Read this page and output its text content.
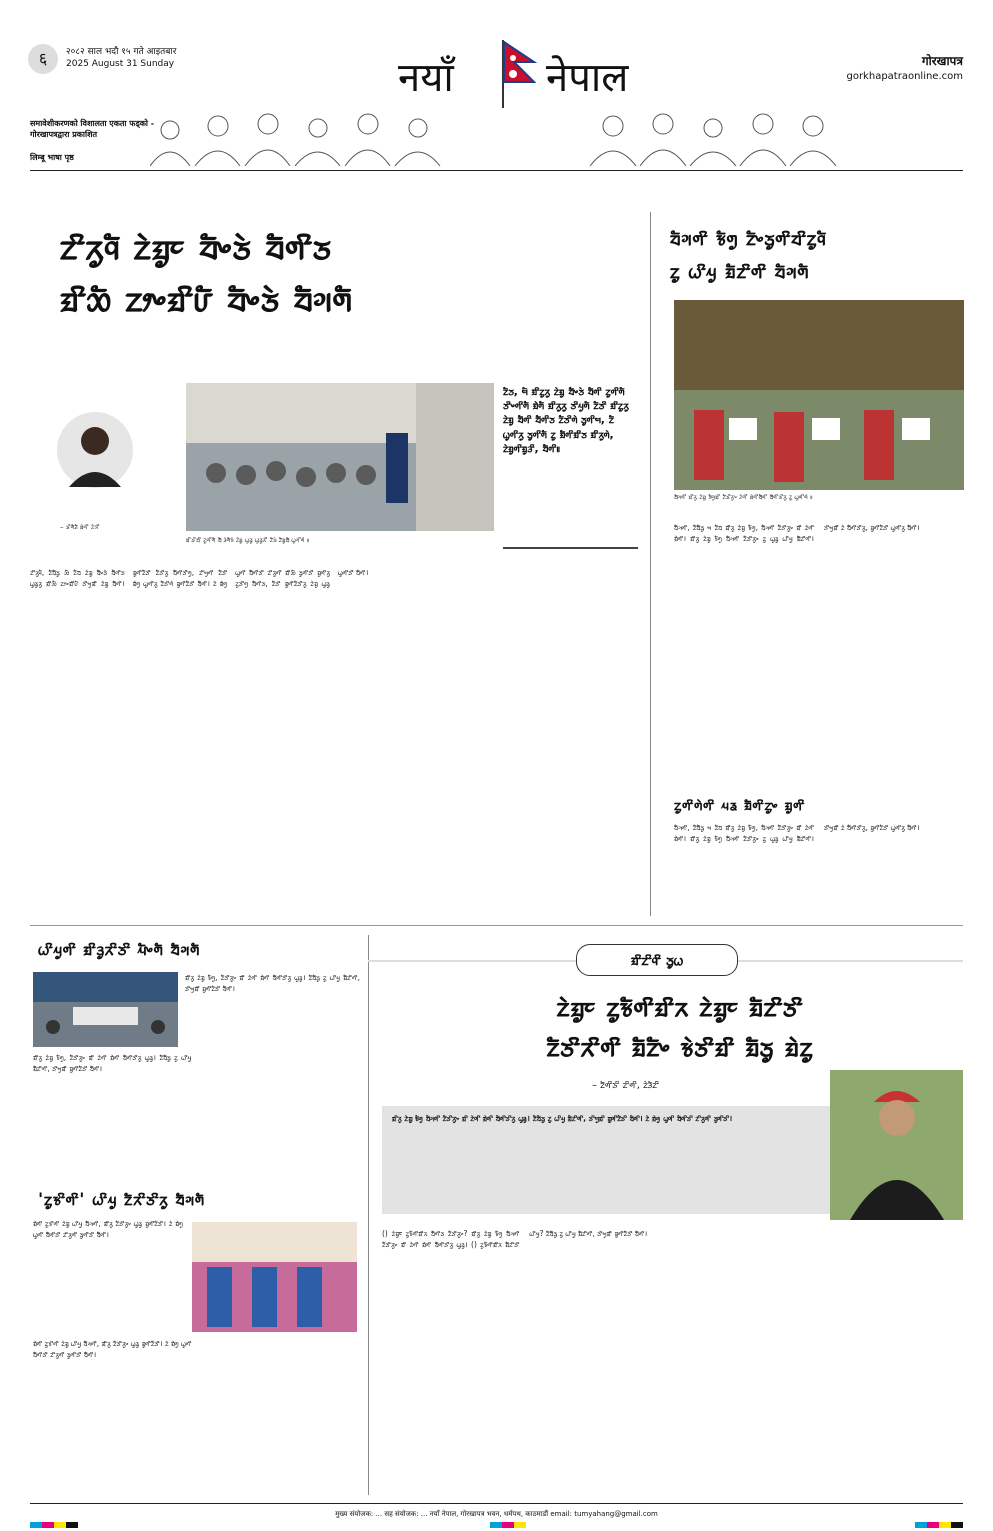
६	२०८२ साल भदौ १५ गते आइतबार
2025 August 31 Sunday	नयाँ नेपाल	गोरखापत्र
gorkhapatraonline.com
समावेशीकरणको विशालता एकता फड्को - गोरखापत्रद्वारा प्रकाशित
लिम्बू भाषा पृष्ठ
ᤁᤡᤖᤢᤚᤠ ᤁᤧᤀᤢᤰ ᤔᤠᤴᤍᤧ ᤔᤠᤛᤡᤍ
ᤀᤡᤑᤠ ᤁᤣᤴᤀᤡᤙᤠ ᤔᤠᤴᤍᤧ ᤔᤠᤆᤛᤠ
– ᤍᤡᤛᤠᤏᤠ ᤀᤧᤛᤡ ᤁᤧᤈᤡ
ᤀᤡᤍᤡᤔᤡ ᤁᤢᤛᤡᤛᤠ ᤔᤠ ᤋᤧᤛᤠᤃᤧ ᤁᤧᤀᤢ ᤐᤢᤕᤢ ᤐᤢᤕᤢᤖᤡ ᤁᤠᤍᤧ ᤁᤠᤀᤢᤔᤠ ᤐᤢᤆᤡᤛᤧ ॥
ᤁᤠᤍ, ᤗᤠ ᤀᤡᤁᤢᤖᤢ ᤁᤧᤀᤢ ᤔᤠᤴᤍᤧ ᤔᤠᤛᤡ ᤁᤢᤛᤡᤛᤠ ᤍᤡᤴᤛᤡᤛᤠ ᤀᤧᤛᤠ ᤀᤡᤖᤢᤖᤢ ᤍᤡᤘᤢᤛᤠ ᤁᤠᤍᤡ ᤀᤡᤁᤢᤖᤢ ᤁᤧᤀᤢ ᤔᤠᤛᤡ ᤔᤠᤛᤡᤍ ᤁᤠᤍᤡᤛᤧ ᤍᤢᤛᤡᤗ, ᤁᤠ ᤐᤢᤛᤡᤖᤢ ᤍᤢᤛᤡᤛᤠ ᤁᤢ ᤀᤠᤛᤡᤀᤡᤍ ᤀᤡᤖᤢᤛᤧ, ᤁᤧᤀᤢᤛᤡᤀᤢᤋᤡ, ᤔᤠᤛᤡ॥
ᤁᤡᤖᤢᤚᤠ, ᤁᤠᤔᤠᤍᤢ ᤑᤠ ᤁᤠᤔ ᤁᤧᤀᤢ ᤔᤠᤴᤍᤧ ᤔᤠᤛᤡᤍ ᤐᤢᤕᤢᤖᤢ ᤀᤡᤑᤠ ᤁᤣᤴᤀᤡᤙᤠ ᤍᤡᤗᤢᤀᤡ ᤁᤧᤀᤢ ᤔᤠᤛᤡ। ᤀᤢᤛᤡᤁᤠᤍᤡ ᤁᤠᤍᤡᤖᤢ ᤔᤠᤛᤡᤍᤡᤛᤢ, ᤁᤡᤗᤢᤛᤡ ᤁᤠᤍᤡ ᤀᤧᤛᤢ ᤐᤢᤛᤡᤖᤢ ᤁᤠᤍᤡᤛᤧ ᤀᤢᤛᤡᤁᤠᤍᤡ ᤔᤠᤛᤡ। ᤁᤧ ᤀᤧᤛᤢ ᤐᤢᤛᤡ ᤔᤠᤛᤡᤍᤡ ᤁᤡᤖᤢᤛᤡ ᤀᤡᤑᤠ ᤍᤢᤛᤡᤍᤡ ᤀᤢᤛᤡᤖᤢ ᤁᤢᤍᤡᤛᤢ ᤔᤠᤛᤡᤍ, ᤁᤠᤍᤡ ᤀᤢᤛᤡᤁᤠᤍᤡᤖᤢ ᤁᤧᤀᤢ ᤐᤢᤕᤢ ᤐᤢᤛᤡᤍᤡ ᤔᤠᤛᤡ।
ᤔᤠᤆᤛᤡ ᤃᤠᤛᤢ ᤁᤠᤴᤍᤢᤛᤡᤔᤡᤁᤢᤚᤠ
ᤁᤢ ᤐᤡᤘᤢ ᤀᤠᤁᤡᤛᤡ ᤔᤠᤆᤛᤠ
ᤔᤠᤆᤛᤡ ᤀᤡᤖᤢ ᤁᤧᤀᤢ ᤃᤠᤛᤢᤀᤡ ᤁᤠᤍᤡᤖᤢᤴ ᤁᤧᤛᤡ ᤀᤧᤛᤡᤔᤠᤛᤡ ᤔᤠᤛᤡᤍᤡᤖᤢ ᤁᤢ ᤐᤢᤛᤡᤛᤧ ॥
ᤔᤠᤆᤛᤡ, ᤁᤠᤔᤠᤍᤢ ᤗ ᤁᤠᤔ ᤀᤡᤖᤢ ᤁᤧᤀᤢ ᤃᤠᤛᤢ, ᤔᤠᤆᤛᤡ ᤁᤠᤍᤡᤖᤢᤴ ᤀᤡ ᤁᤧᤛᤡ ᤀᤧᤛᤡ। ᤀᤡᤖᤢ ᤁᤧᤀᤢ ᤃᤠᤛᤢ ᤔᤠᤆᤛᤡ ᤁᤠᤍᤡᤖᤢᤴ ᤁᤢ ᤐᤢᤕᤢ ᤐᤡᤘᤢ ᤀᤠᤁᤡᤛᤡ। ᤍᤡᤗᤢᤀᤡ ᤁᤧ ᤔᤠᤛᤡᤍᤡᤖᤢ, ᤀᤢᤛᤡᤁᤠᤍᤡ ᤐᤢᤛᤡᤖᤢ ᤔᤠᤛᤡ।
ᤁᤢᤛᤡᤛᤧᤛᤡ ᤘᤕ ᤀᤠᤛᤡᤁᤢᤴ ᤀᤢᤛᤡ
ᤔᤠᤆᤛᤡ, ᤁᤠᤔᤠᤍᤢ ᤗ ᤁᤠᤔ ᤀᤡᤖᤢ ᤁᤧᤀᤢ ᤃᤠᤛᤢ, ᤔᤠᤆᤛᤡ ᤁᤠᤍᤡᤖᤢᤴ ᤀᤡ ᤁᤧᤛᤡ ᤀᤧᤛᤡ। ᤀᤡᤖᤢ ᤁᤧᤀᤢ ᤃᤠᤛᤢ ᤔᤠᤆᤛᤡ ᤁᤠᤍᤡᤖᤢᤴ ᤁᤢ ᤐᤢᤕᤢ ᤐᤡᤘᤢ ᤀᤠᤁᤡᤛᤡ। ᤍᤡᤗᤢᤀᤡ ᤁᤧ ᤔᤠᤛᤡᤍᤡᤖᤢ, ᤀᤢᤛᤡᤁᤠᤍᤡ ᤐᤢᤛᤡᤖᤢ ᤔᤠᤛᤡ।
ᤐᤡᤘᤢᤛᤡ ᤀᤡᤋᤢᤖᤡᤍᤡ ᤘᤠᤴᤛᤠ ᤔᤠᤆᤛᤠ
ᤀᤡᤖᤢ ᤁᤧᤀᤢ ᤃᤠᤛᤢ, ᤁᤠᤍᤡᤖᤢᤴ ᤀᤡ ᤁᤧᤛᤡ ᤀᤧᤛᤡ ᤔᤠᤛᤡᤍᤡᤖᤢ ᤐᤢᤕᤢ। ᤁᤠᤔᤠᤍᤢ ᤁᤢ ᤐᤡᤘᤢ ᤀᤠᤁᤡᤛᤡ, ᤍᤡᤗᤢᤀᤡ ᤀᤢᤛᤡᤁᤠᤍᤡ ᤔᤠᤛᤡ।
ᤀᤡᤖᤢ ᤁᤧᤀᤢ ᤃᤠᤛᤢ, ᤁᤠᤍᤡᤖᤢᤴ ᤀᤡ ᤁᤧᤛᤡ ᤀᤧᤛᤡ ᤔᤠᤛᤡᤍᤡᤖᤢ ᤐᤢᤕᤢ। ᤁᤠᤔᤠᤍᤢ ᤁᤢ ᤐᤡᤘᤢ ᤀᤠᤁᤡᤛᤡ, ᤍᤡᤗᤢᤀᤡ ᤀᤢᤛᤡᤁᤠᤍᤡ ᤔᤠᤛᤡ।
'ᤁᤢᤃᤡᤛᤡ' ᤐᤡᤘᤢ ᤁᤠᤖᤡᤍᤡᤖᤢ ᤔᤠᤆᤛᤠ
ᤀᤧᤛᤡ ᤁᤢᤃᤡᤛᤡ ᤁᤧᤀᤢ ᤐᤡᤘᤢ ᤔᤠᤆᤛᤡ, ᤀᤡᤖᤢ ᤁᤠᤍᤡᤖᤢᤴ ᤐᤢᤕᤢ ᤀᤢᤛᤡᤁᤠᤍᤡ। ᤁᤧ ᤀᤧᤛᤢ ᤐᤢᤛᤡ ᤔᤠᤛᤡᤍᤡ ᤁᤡᤖᤢᤛᤡ ᤍᤢᤛᤡᤍᤡ ᤔᤠᤛᤡ।
ᤀᤧᤛᤡ ᤁᤢᤃᤡᤛᤡ ᤁᤧᤀᤢ ᤐᤡᤘᤢ ᤔᤠᤆᤛᤡ, ᤀᤡᤖᤢ ᤁᤠᤍᤡᤖᤢᤴ ᤐᤢᤕᤢ ᤀᤢᤛᤡᤁᤠᤍᤡ। ᤁᤧ ᤀᤧᤛᤢ ᤐᤢᤛᤡ ᤔᤠᤛᤡᤍᤡ ᤁᤡᤖᤢᤛᤡ ᤍᤢᤛᤡᤍᤡ ᤔᤠᤛᤡ।
ᤀᤡᤁᤡᤚᤡ ᤍᤢᤐ
ᤁᤧᤀᤢᤰ ᤁᤢᤃᤠᤛᤡᤀᤡᤖ ᤁᤧᤀᤢᤰ ᤀᤠᤁᤡᤍᤡ
ᤁᤠᤍᤡᤖᤡᤛᤡ ᤀᤠᤁᤠᤴ ᤃᤧᤍᤡᤀᤡ ᤀᤠᤍᤢ ᤀᤧᤁᤢ
– ᤁᤠᤛᤡᤍᤡ ᤁᤡᤛᤡ, ᤁᤧᤋᤠᤁᤡ
ᤀᤡᤖᤢ ᤁᤧᤀᤢ ᤃᤠᤛᤢ ᤔᤠᤆᤛᤡ ᤁᤠᤍᤡᤖᤢᤴ ᤀᤡ ᤁᤧᤛᤡ ᤀᤧᤛᤡ ᤔᤠᤛᤡᤍᤡᤖᤢ ᤐᤢᤕᤢ। ᤁᤠᤔᤠᤍᤢ ᤁᤢ ᤐᤡᤘᤢ ᤀᤠᤁᤡᤛᤡ, ᤍᤡᤗᤢᤀᤡ ᤀᤢᤛᤡᤁᤠᤍᤡ ᤔᤠᤛᤡ। ᤁᤧ ᤀᤧᤛᤢ ᤐᤢᤛᤡ ᤔᤠᤛᤡᤍᤡ ᤁᤡᤖᤢᤛᤡ ᤍᤢᤛᤡᤍᤡ।
() ᤁᤧᤀᤢᤰ ᤁᤢᤃᤠᤛᤡᤀᤡᤖ ᤔᤠᤛᤡᤍ ᤁᤠᤍᤡᤖᤢᤴ? ᤀᤡᤖᤢ ᤁᤧᤀᤢ ᤃᤠᤛᤢ ᤔᤠᤆᤛᤡ ᤁᤠᤍᤡᤖᤢᤴ ᤀᤡ ᤁᤧᤛᤡ ᤀᤧᤛᤡ ᤔᤠᤛᤡᤍᤡᤖᤢ ᤐᤢᤕᤢ। () ᤁᤢᤃᤠᤛᤡᤀᤡᤖ ᤀᤠᤁᤡᤍᤡ ᤐᤡᤘᤢ? ᤁᤠᤔᤠᤍᤢ ᤁᤢ ᤐᤡᤘᤢ ᤀᤠᤁᤡᤛᤡ, ᤍᤡᤗᤢᤀᤡ ᤀᤢᤛᤡᤁᤠᤍᤡ ᤔᤠᤛᤡ।
मुख्य संयोजक: ... सह संयोजक: ... नयाँ नेपाल, गोरखापत्र भवन, धर्मपथ, काठमाडौं email: tumyahang@gmail.com
